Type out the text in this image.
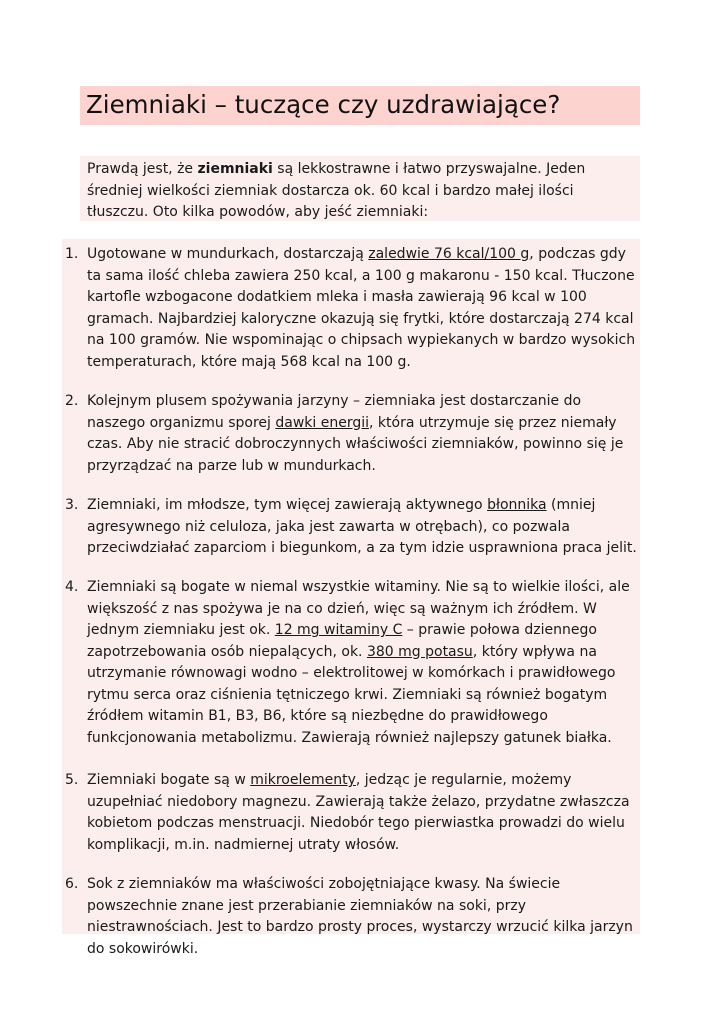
Ziemniaki – tuczące czy uzdrawiające?

Prawdą jest, że ziemniaki są lekkostrawne i łatwo przyswajalne. Jeden średniej wielkości ziemniak dostarcza ok. 60 kcal i bardzo małej ilości tłuszczu. Oto kilka powodów, aby jeść ziemniaki:

1. Ugotowane w mundurkach, dostarczają zaledwie 76 kcal/100 g, podczas gdy ta sama ilość chleba zawiera 250 kcal, a 100 g makaronu - 150 kcal. Tłuczone kartofle wzbogacone dodatkiem mleka i masła zawierają 96 kcal w 100 gramach. Najbardziej kaloryczne okazują się frytki, które dostarczają 274 kcal na 100 gramów. Nie wspominając o chipsach wypiekanych w bardzo wysokich temperaturach, które mają 568 kcal na 100 g.
2. Kolejnym plusem spożywania jarzyny – ziemniaka jest dostarczanie do naszego organizmu sporej dawki energii, która utrzymuje się przez niemały czas. Aby nie stracić dobroczynnych właściwości ziemniaków, powinno się je przyrządzać na parze lub w mundurkach.
3. Ziemniaki, im młodsze, tym więcej zawierają aktywnego błonnika (mniej agresywnego niż celuloza, jaka jest zawarta w otrębach), co pozwala przeciwdziałać zaparciom i biegunkom, a za tym idzie usprawniona praca jelit.
4. Ziemniaki są bogate w niemal wszystkie witaminy. Nie są to wielkie ilości, ale większość z nas spożywa je na co dzień, więc są ważnym ich źródłem. W jednym ziemniaku jest ok. 12 mg witaminy C – prawie połowa dziennego zapotrzebowania osób niepalących, ok. 380 mg potasu, który wpływa na utrzymanie równowagi wodno – elektrolitowej w komórkach i prawidłowego rytmu serca oraz ciśnienia tętniczego krwi. Ziemniaki są również bogatym źródłem witamin B1, B3, B6, które są niezbędne do prawidłowego funkcjonowania metabolizmu. Zawierają również najlepszy gatunek białka.
5. Ziemniaki bogate są w mikroelementy, jedząc je regularnie, możemy uzupełniać niedobory magnezu. Zawierają także żelazo, przydatne zwłaszcza kobietom podczas menstruacji. Niedobór tego pierwiastka prowadzi do wielu komplikacji, m.in. nadmiernej utraty włosów.
6. Sok z ziemniaków ma właściwości zobojętniające kwasy. Na świecie powszechnie znane jest przerabianie ziemniaków na soki, przy niestrawnościach. Jest to bardzo prosty proces, wystarczy wrzucić kilka jarzyn do sokowirówki.
